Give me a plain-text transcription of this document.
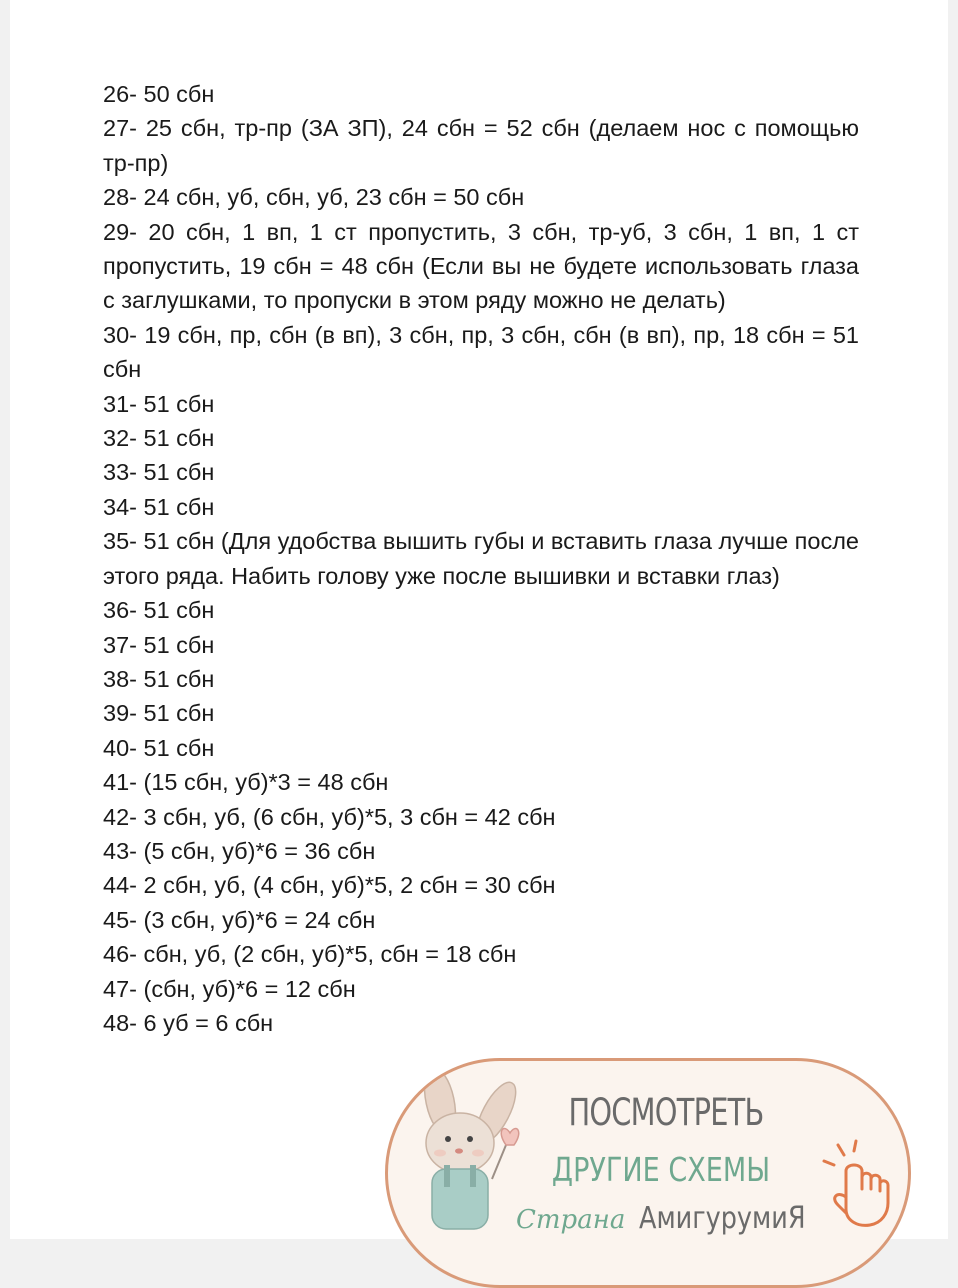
26- 50 сбн

27- 25 сбн, тр-пр (ЗА ЗП), 24 сбн = 52 сбн (делаем нос с помощью тр-пр)

28- 24 сбн, уб, сбн, уб, 23 сбн = 50 сбн

29- 20 сбн, 1 вп, 1 ст пропустить, 3 сбн, тр-уб, 3 сбн, 1 вп, 1 ст пропустить, 19 сбн = 48 сбн (Если вы не будете использовать глаза с заглушками, то пропуски в этом ряду можно не делать)

30- 19 сбн, пр, сбн (в вп), 3 сбн, пр, 3 сбн, сбн (в вп), пр, 18 сбн = 51 сбн

31- 51 сбн

32- 51 сбн

33- 51 сбн

34- 51 сбн

35- 51 сбн (Для удобства вышить губы и вставить глаза лучше после этого ряда. Набить голову уже после вышивки и вставки глаз)

36- 51 сбн

37- 51 сбн

38- 51 сбн

39- 51 сбн

40- 51 сбн

41- (15 сбн, уб)*3 = 48 сбн

42- 3 сбн, уб, (6 сбн, уб)*5, 3 сбн = 42 сбн

43- (5 сбн, уб)*6 = 36 сбн

44- 2 сбн, уб, (4 сбн, уб)*5, 2 сбн = 30 сбн

45- (3 сбн, уб)*6 = 24 сбн

46- сбн, уб, (2 сбн, уб)*5, сбн = 18 сбн

47- (сбн, уб)*6 = 12 сбн

48- 6 уб = 6 сбн

ПОСМОТРЕТЬ
ДРУГИЕ СХЕМЫ
Страна АмигурумиЯ
